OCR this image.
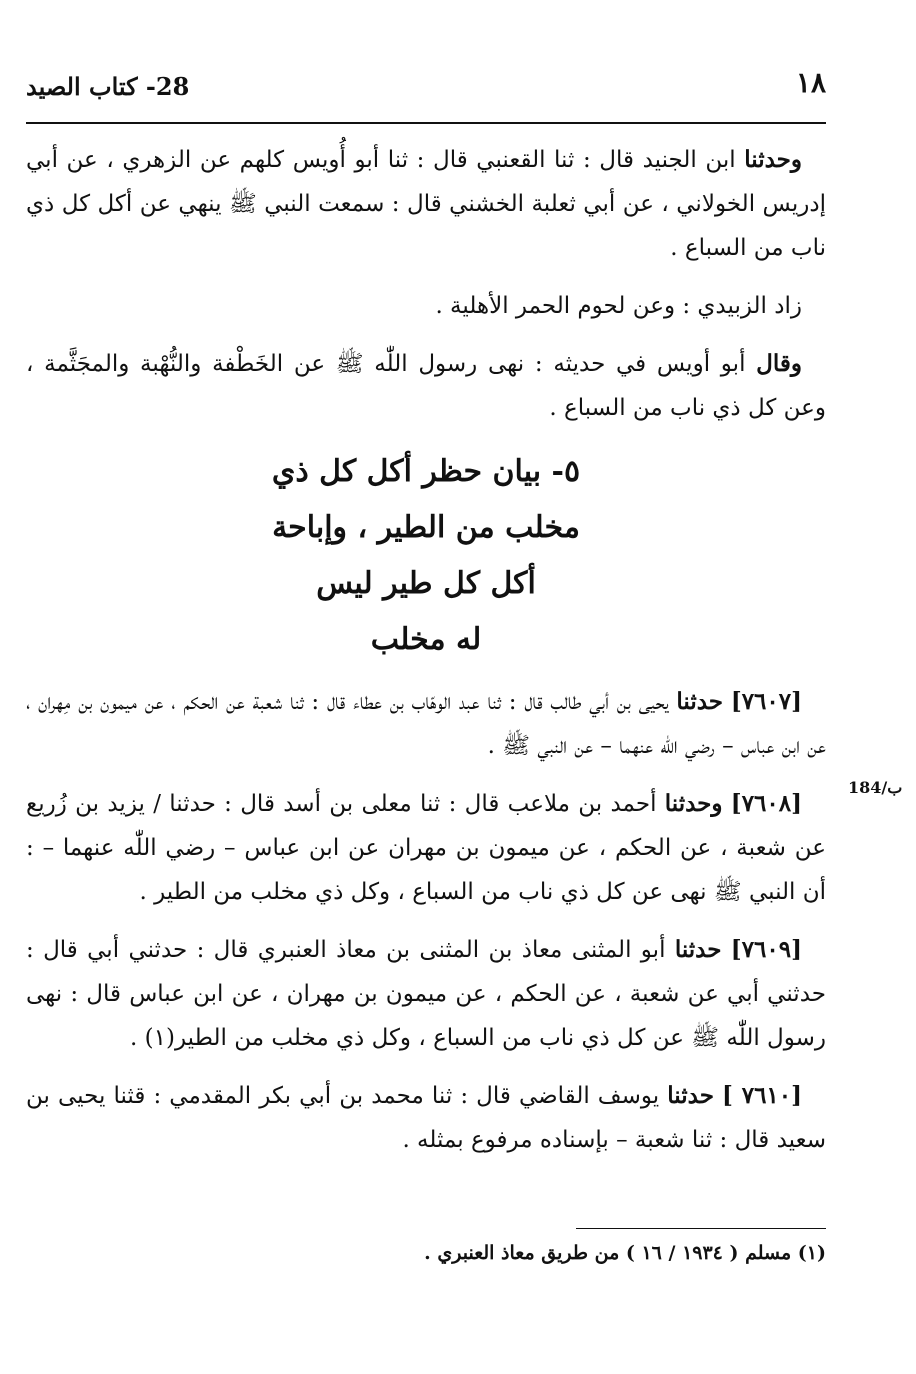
١٨
28- كتاب الصيد
184/ب

وحدثنا ابن الجنيد قال : ثنا القعنبي قال : ثنا أبو أُويس كلهم عن الزهري ، عن أبي إدريس الخولاني ، عن أبي ثعلبة الخشني قال : سمعت النبي ﷺ ينهي عن أكل كل ذي ناب من السباع .

زاد الزبيدي : وعن لحوم الحمر الأهلية .

وقال أبو أويس في حديثه : نهى رسول اللّٰه ﷺ عن الخَطْفة والنُّهْبة والمجَثَّمة ، وعن كل ذي ناب من السباع .

٥- بيان حظر أكل كل ذي
مخلب من الطير ، وإباحة
أكل كل طير ليس
له مخلب

[٧٦٠٧] حدثنا يحيى بن أبي طالب قال : ثنا عبد الوهّاب بن عطاء قال : ثنا شعبة عن الحكم ، عن ميمون بن مِهران ، عن ابن عباس – رضي اللّٰه عنهما – عن النبي ﷺ .

[٧٦٠٨] وحدثنا أحمد بن ملاعب قال : ثنا معلى بن أسد قال : حدثنا / يزيد بن زُريع عن شعبة ، عن الحكم ، عن ميمون بن مهران عن ابن عباس – رضي اللّٰه عنهما – : أن النبي ﷺ نهى عن كل ذي ناب من السباع ، وكل ذي مخلب من الطير .

[٧٦٠٩] حدثنا أبو المثنى معاذ بن المثنى بن معاذ العنبري قال : حدثني أبي قال : حدثني أبي عن شعبة ، عن الحكم ، عن ميمون بن مهران ، عن ابن عباس قال : نهى رسول اللّٰه ﷺ عن كل ذي ناب من السباع ، وكل ذي مخلب من الطير(١) .

[٧٦١٠ ] حدثنا يوسف القاضي قال : ثنا محمد بن أبي بكر المقدمي : قثنا يحيى بن سعيد قال : ثنا شعبة – بإسناده مرفوع بمثله .

(١) مسلم ( ١٩٣٤ / ١٦ ) من طريق معاذ العنبري .
